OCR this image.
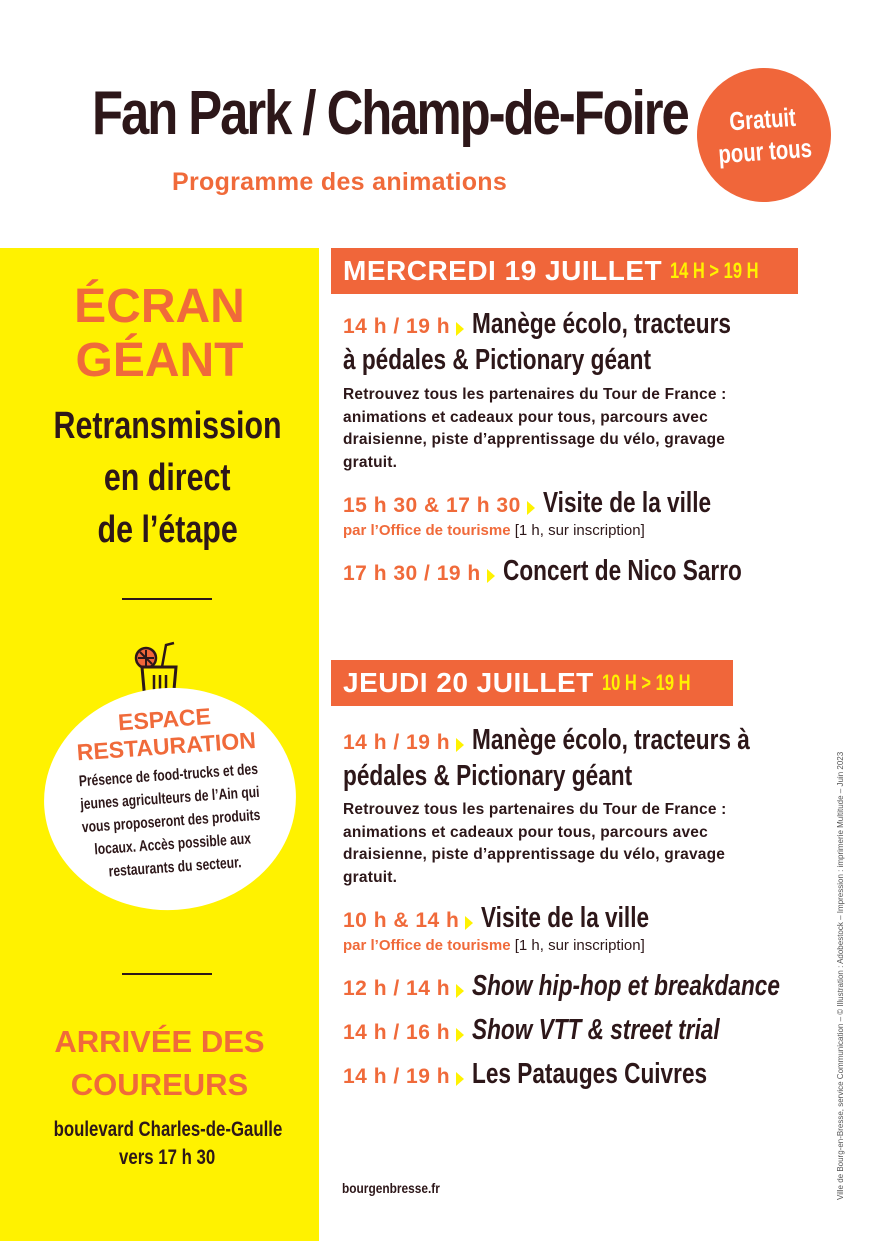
Fan Park / Champ-de-Foire
Programme des animations
Gratuit
pour tous
ÉCRAN
GÉANT
Retransmission
en direct
de l’étape
ESPACE
RESTAURATION
Présence de food-trucks et des
jeunes agriculteurs de l’Ain qui
vous proposeront des produits
locaux. Accès possible aux
restaurants du secteur.
ARRIVÉE DES
COUREURS
boulevard Charles-de-Gaulle
vers 17 h 30
MERCREDI 19 JUILLET 14 H > 19 H
14 h / 19 h Manège écolo, tracteurs
à pédales & Pictionary géant
Retrouvez tous les partenaires du Tour de France : animations et cadeaux pour tous, parcours avec draisienne, piste d’apprentissage du vélo, gravage gratuit.
15 h 30 & 17 h 30 Visite de la ville
par l’Office de tourisme [1 h, sur inscription]
17 h 30 / 19 h Concert de Nico Sarro
JEUDI 20 JUILLET 10 H > 19 H
14 h / 19 h Manège écolo, tracteurs à
pédales & Pictionary géant
Retrouvez tous les partenaires du Tour de France : animations et cadeaux pour tous, parcours avec draisienne, piste d’apprentissage du vélo, gravage gratuit.
10 h & 14 h Visite de la ville
par l’Office de tourisme [1 h, sur inscription]
12 h / 14 h Show hip-hop et breakdance
14 h / 16 h Show VTT & street trial
14 h / 19 h Les Patauges Cuivres
bourgenbresse.fr	Ville de Bourg-en-Bresse, service Communication – © Illustration : Adobestock – Impression : imprimerie Multitude – Juin 2023
